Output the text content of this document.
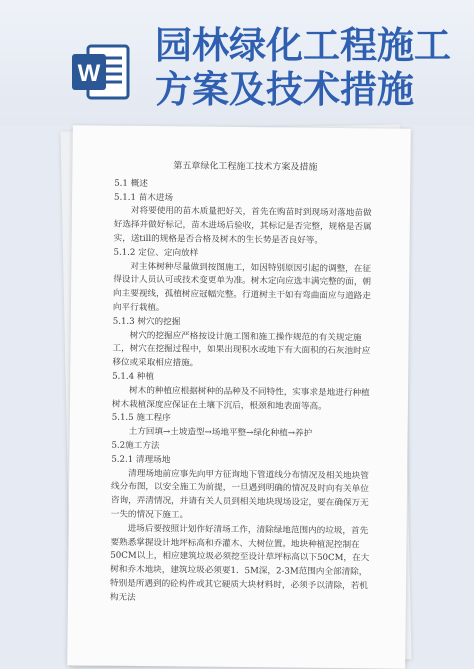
W
园林绿化工程施工
方案及技术措施

第五章绿化工程施工技术方案及措施

5.1 概述

5.1.1 苗木进场

对将要使用的苗木质量把好关，首先在购苗时到现场对落地苗做好选择并做好标记，苗木进场后验收，其标记是否完整，规格是否属实，送till的规格是否合格及树木的生长势是否良好等。

5.1.2 定位、定向放样

对主体树种尽量做到按图施工，如因特别原因引起的调整，在征得设计人员认可或技术变更单为准。树木定向应选丰满完整的面，朝向主要视线，孤植树应冠幅完整。行道树主干如有弯曲面应与道路走向平行栽植。

5.1.3 树穴的挖掘

树穴的挖掘应严格按设计施工图和施工操作规范的有关规定施工，树穴在挖掘过程中，如果出现积水或地下有大面积的石灰池时应移位或采取相应措施。

5.1.4 种植

树木的种植应根据树种的品种及不同特性，实事求是地进行种植树木栽植深度应保证在土壤下沉后，根颈和地表面等高。

5.1.5 施工程序

土方回填→土坡造型→场地平整→绿化种植→养护

5.2施工方法

5.2.1 清理场地

清理场地前应事先向甲方征询地下管道线分布情况及相关地块管线分布图，以安全施工为前提，一旦遇到明确的情况及时向有关单位咨询，弄清情况，并请有关人员到相关地块现场设定，要在确保万无一失的情况下施工。

进场后要按照计划作好清场工作，清除绿地范围内的垃圾，首先要熟悉掌握设计地坪标高和乔灌木、大树位置。地块种植泥控制在50CM以上，相应建筑垃圾必须挖至设计草坪标高以下50CM，在大树和乔木地块，建筑垃圾必须要1．5M深，2-3M范围内全部清除，特别是所遇到的砼构件或其它硬质大块材料时，必须予以清除，若机构无法
